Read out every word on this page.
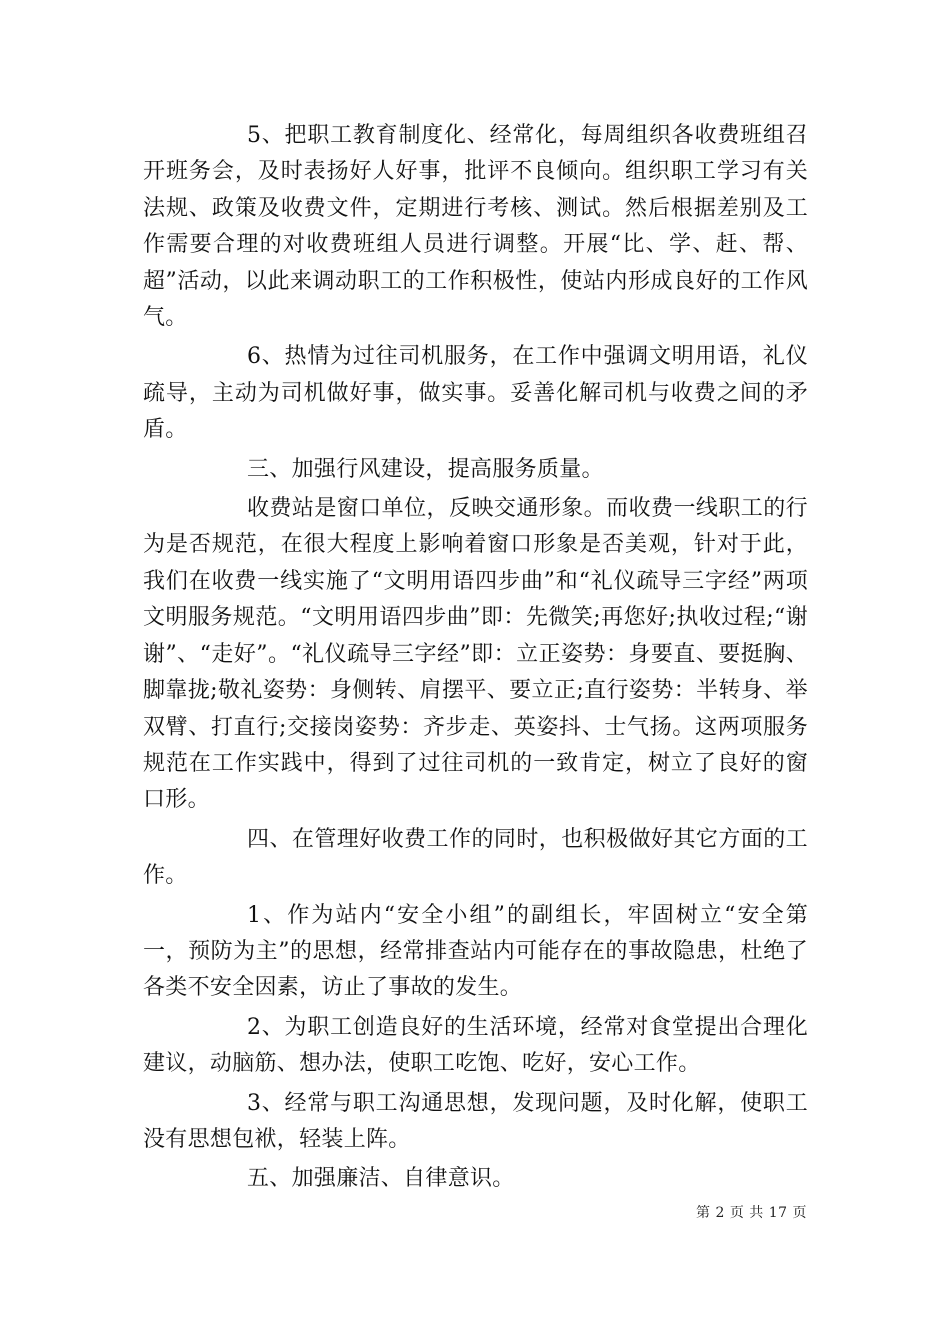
5、把职工教育制度化、经常化，每周组织各收费班组召开班务会，及时表扬好人好事，批评不良倾向。组织职工学习有关法规、政策及收费文件，定期进行考核、测试。然后根据差别及工作需要合理的对收费班组人员进行调整。开展“比、学、赶、帮、超”活动，以此来调动职工的工作积极性，使站内形成良好的工作风气。

6、热情为过往司机服务，在工作中强调文明用语，礼仪疏导，主动为司机做好事，做实事。妥善化解司机与收费之间的矛盾。

三、加强行风建设，提高服务质量。

收费站是窗口单位，反映交通形象。而收费一线职工的行为是否规范，在很大程度上影响着窗口形象是否美观，针对于此，我们在收费一线实施了“文明用语四步曲”和“礼仪疏导三字经”两项文明服务规范。“文明用语四步曲”即：先微笑;再您好;执收过程;“谢谢”、“走好”。“礼仪疏导三字经”即：立正姿势：身要直、要挺胸、脚靠拢;敬礼姿势：身侧转、肩摆平、要立正;直行姿势：半转身、举双臂、打直行;交接岗姿势：齐步走、英姿抖、士气扬。这两项服务规范在工作实践中，得到了过往司机的一致肯定，树立了良好的窗口形。

四、在管理好收费工作的同时，也积极做好其它方面的工作。

1、作为站内“安全小组”的副组长，牢固树立“安全第一，预防为主”的思想，经常排查站内可能存在的事故隐患，杜绝了各类不安全因素，访止了事故的发生。

2、为职工创造良好的生活环境，经常对食堂提出合理化建议，动脑筋、想办法，使职工吃饱、吃好，安心工作。

3、经常与职工沟通思想，发现问题，及时化解，使职工没有思想包袱，轻装上阵。

五、加强廉洁、自律意识。

第 2 页 共 17 页
